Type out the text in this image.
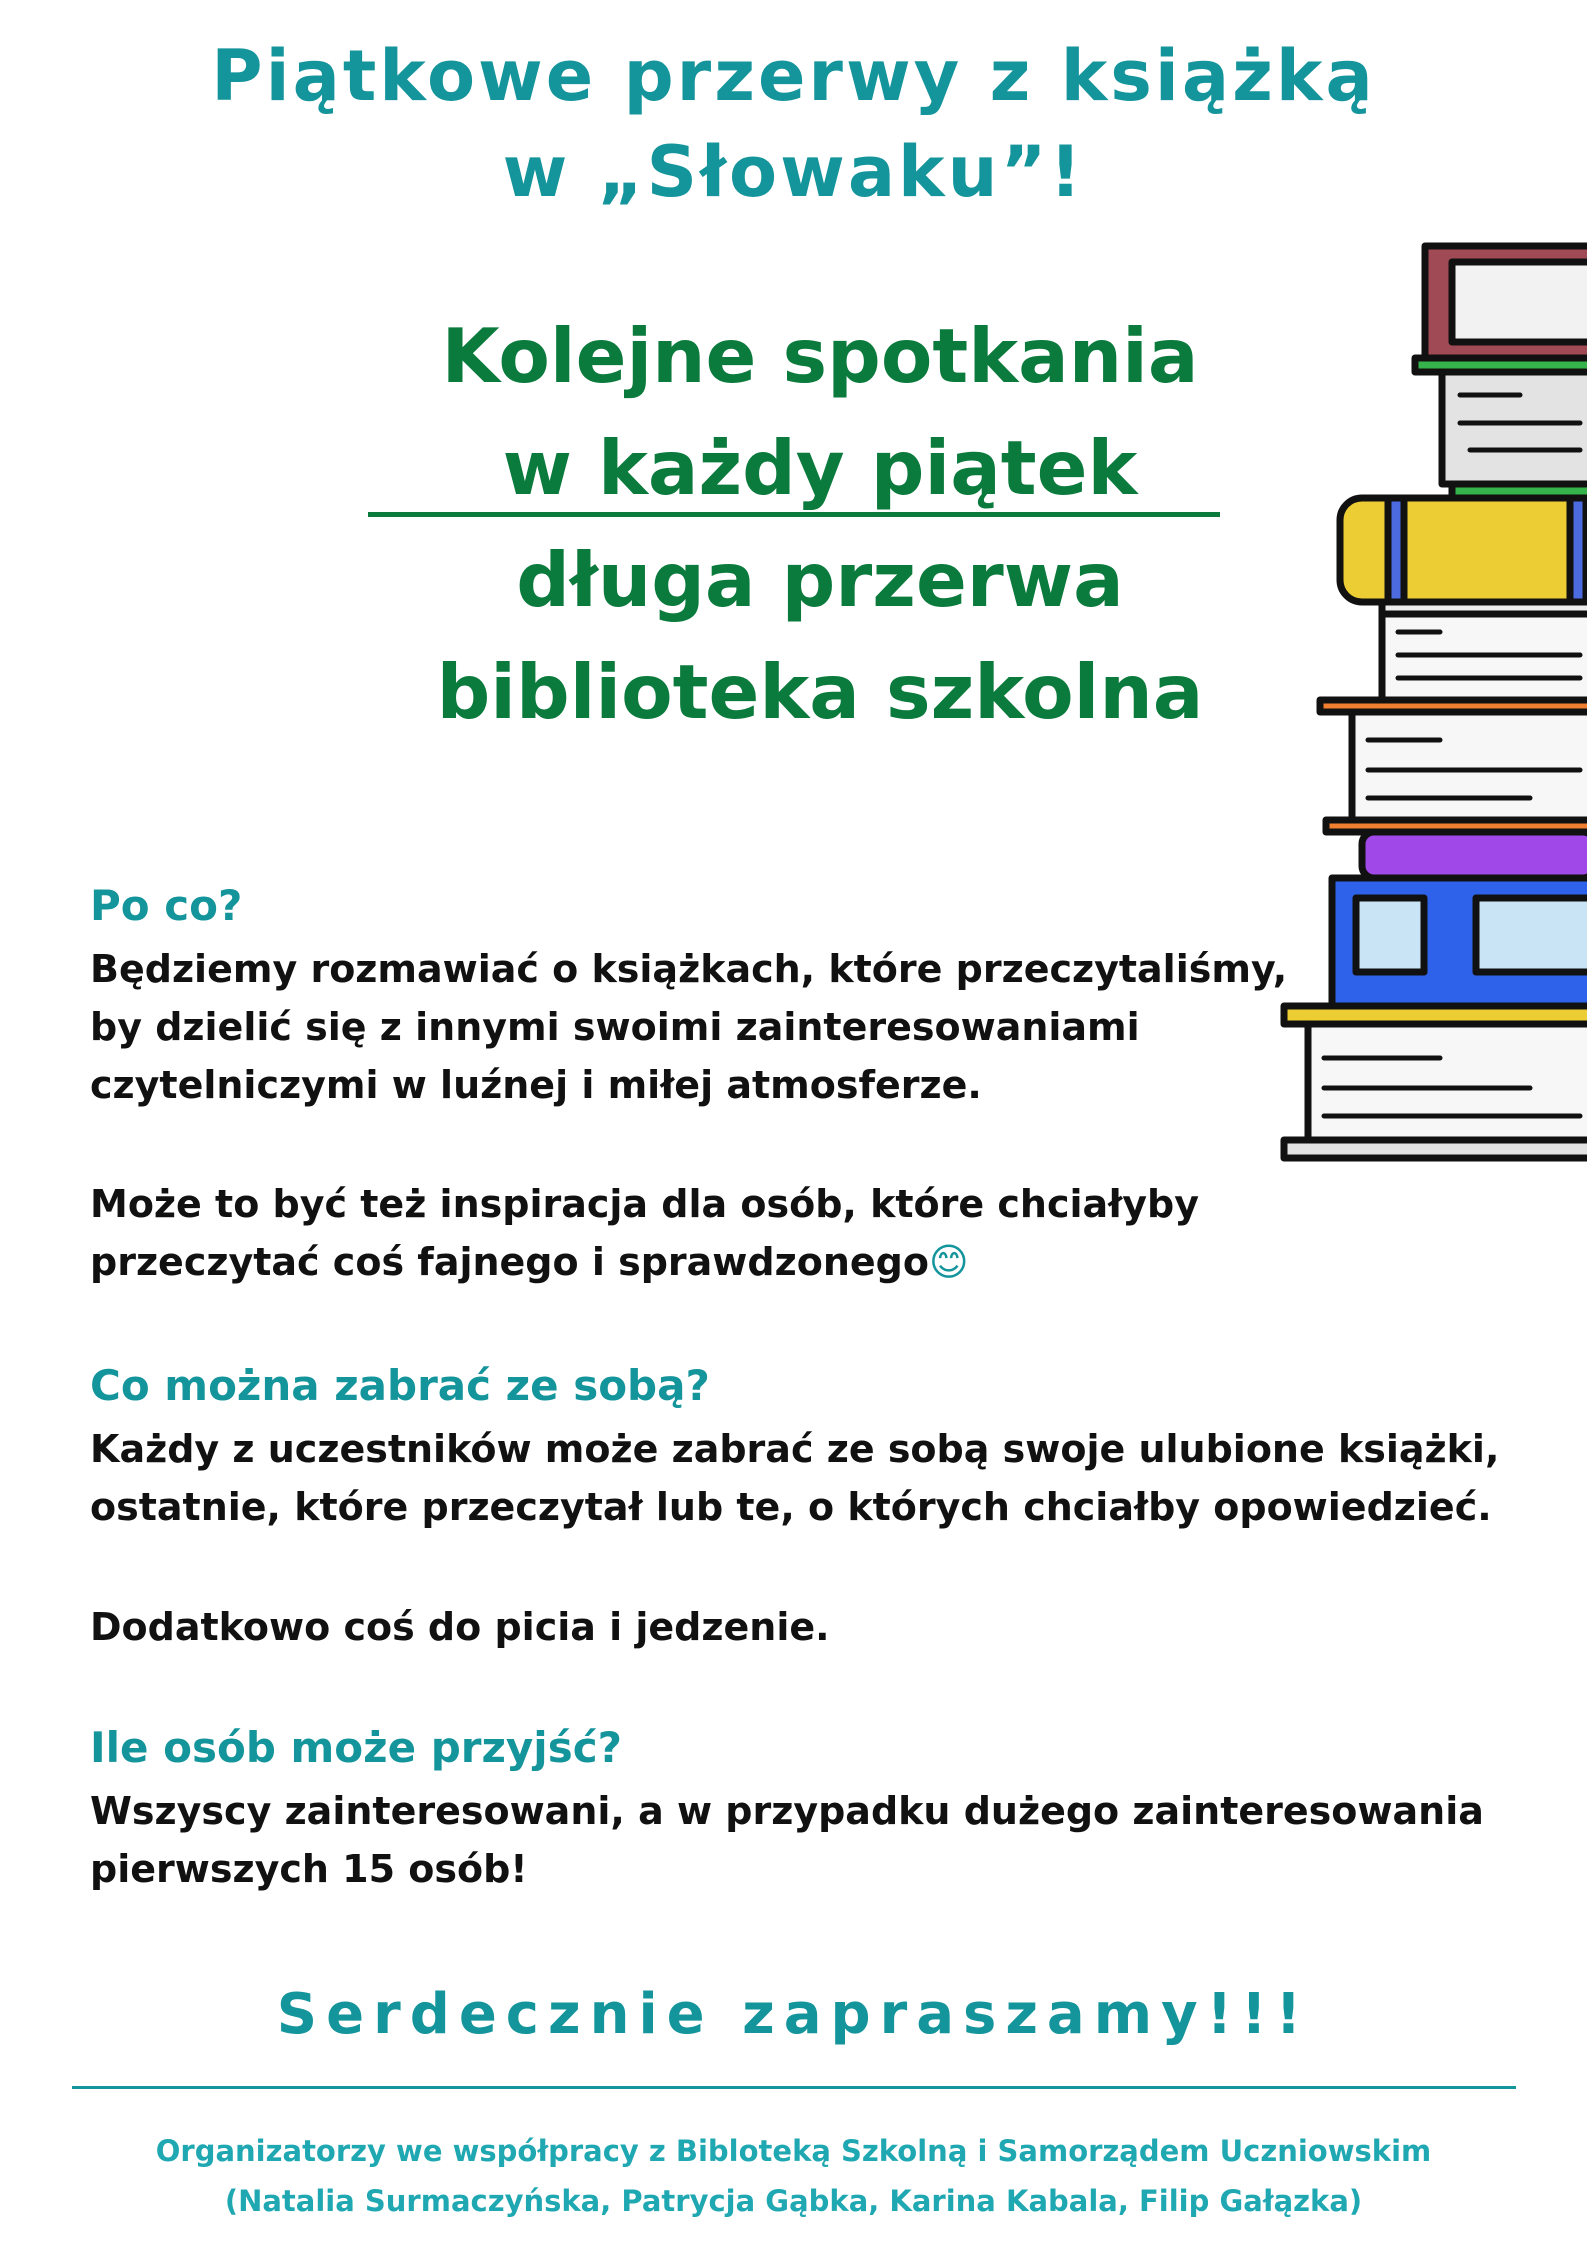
Piątkowe przerwy z książką
w „Słowaku”!
Kolejne spotkania
w każdy piątek
długa przerwa
biblioteka szkolna
Po co?
Będziemy rozmawiać o książkach, które przeczytaliśmy,
by dzielić się z innymi swoimi zainteresowaniami
czytelniczymi w luźnej i miłej atmosferze.
Może to być też inspiracja dla osób, które chciałyby
przeczytać coś fajnego i sprawdzonego😊
Co można zabrać ze sobą?
Każdy z uczestników może zabrać ze sobą swoje ulubione książki,
ostatnie, które przeczytał lub te, o których chciałby opowiedzieć.
Dodatkowo coś do picia i jedzenie.
Ile osób może przyjść?
Wszyscy zainteresowani, a w przypadku dużego zainteresowania
pierwszych 15 osób!
Serdecznie zapraszamy!!!
Organizatorzy we współpracy z Bibloteką Szkolną i Samorządem Uczniowskim
(Natalia Surmaczyńska, Patrycja Gąbka, Karina Kabala, Filip Gałązka)
